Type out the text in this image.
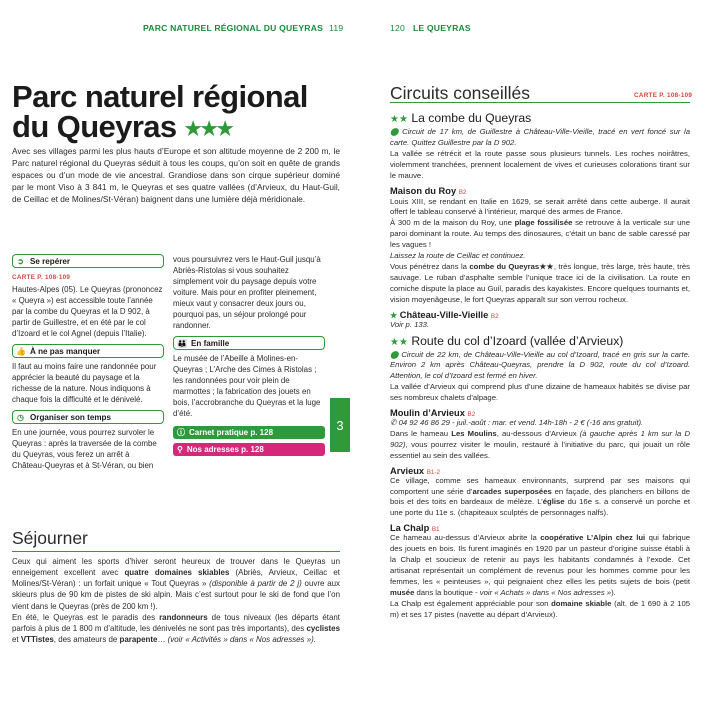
PARC NATUREL RÉGIONAL DU QUEYRAS 119
Parc naturel régional
du Queyras ★★★
Avec ses villages parmi les plus hauts d’Europe et son altitude moyenne de 2 200 m, le Parc naturel régional du Queyras séduit à tous les coups, qu’on soit en quête de grands espaces ou d’un mode de vie ancestral. Grandiose dans son cirque supérieur dominé par le mont Viso à 3 841 m, le Queyras et ses quatre vallées (d’Arvieux, du Haut-Guil, de Ceillac et de Molines/St-Véran) baignent dans une lumière déjà méridionale.
➲ Se repérer
CARTE P. 108-109
Hautes-Alpes (05). Le Queyras (prononcez « Queyra ») est accessible toute l’année par la combe du Queyras et la D 902, à partir de Guillestre, et en été par le col d’Izoard et le col Agnel (depuis l’Italie).
👍 À ne pas manquer
Il faut au moins faire une randonnée pour apprécier la beauté du paysage et la richesse de la nature. Nous indiquons à chaque fois la difficulté et le dénivelé.
◷ Organiser son temps
En une journée, vous pourrez survoler le Queyras : après la traversée de la combe du Queyras, vous ferez un arrêt à Château-Queyras et à St-Véran, ou bien
vous poursuivrez vers le Haut-Guil jusqu’à Abriès-Ristolas si vous souhaitez simplement voir du paysage depuis votre voiture. Mais pour en profiter pleinement, mieux vaut y consacrer deux jours ou, pourquoi pas, un séjour prolongé pour randonner.
👪 En famille
Le musée de l’Abeille à Molines-en-Queyras ; L’Arche des Cimes à Ristolas ; les randonnées pour voir plein de marmottes ; la fabrication des jouets en bois, l’accrobranche du Queyras et la luge d’été.
ⓘ Carnet pratique p. 128
⚲ Nos adresses p. 128
Séjourner
Ceux qui aiment les sports d’hiver seront heureux de trouver dans le Queyras un enneigement excellent avec quatre domaines skiables (Abriès, Arvieux, Ceillac et Molines/St-Véran) : un forfait unique « Tout Queyras » (disponible à partir de 2 j) ouvre aux skieurs plus de 90 km de pistes de ski alpin. Mais c’est surtout pour le ski de fond que l’on vient dans le Queyras (près de 200 km !).
En été, le Queyras est le paradis des randonneurs de tous niveaux (les départs étant parfois à plus de 1 800 m d’altitude, les dénivelés ne sont pas très importants), des cyclistes et VTTistes, des amateurs de parapente… (voir « Activités » dans « Nos adresses »).
3
120 LE QUEYRAS
Circuits conseillés	CARTE P. 108-109
★★ La combe du Queyras
⬤ Circuit de 17 km, de Guillestre à Château-Ville-Vieille, tracé en vert foncé sur la carte. Quittez Guillestre par la D 902.
La vallée se rétrécit et la route passe sous plusieurs tunnels. Les roches noirâtres, violemment tranchées, prennent localement de vives et curieuses colorations tirant sur le mauve.
Maison du Roy B2
Louis XIII, se rendant en Italie en 1629, se serait arrêté dans cette auberge. Il aurait offert le tableau conservé à l’intérieur, marqué des armes de France.
À 300 m de la maison du Roy, une plage fossilisée se retrouve à la verticale sur une paroi dominant la route. Au temps des dinosaures, c’était un banc de sable caressé par les vagues !
Laissez la route de Ceillac et continuez.
Vous pénétrez dans la combe du Queyras★★, très longue, très large, très haute, très sauvage. Le ruban d’asphalte semble l’unique trace ici de la civilisation. La route en corniche dispute la place au Guil, paradis des kayakistes. Encore quelques tournants et, vision moyenâgeuse, le fort Queyras apparaît sur son verrou rocheux.
★ Château-Ville-Vieille B2
Voir p. 133.
★★ Route du col d’Izoard (vallée d’Arvieux)
⬤ Circuit de 22 km, de Château-Ville-Vieille au col d’Izoard, tracé en gris sur la carte. Environ 2 km après Château-Queyras, prendre la D 902, route du col d’Izoard. Attention, le col d’Izoard est fermé en hiver.
La vallée d’Arvieux qui comprend plus d’une dizaine de hameaux habités se divise par ses nombreux chalets d’alpage.
Moulin d’Arvieux B2
✆ 04 92 46 86 29 - juil.-août : mar. et vend. 14h-18h - 2 € (-16 ans gratuit).
Dans le hameau Les Moulins, au-dessous d’Arvieux (à gauche après 1 km sur la D 902), vous pourrez visiter le moulin, restauré à l’initiative du parc, qui jouait un rôle essentiel au sein des vallées.
Arvieux B1-2
Ce village, comme ses hameaux environnants, surprend par ses maisons qui comportent une série d’arcades superposées en façade, des planchers en billons de bois et des toits en bardeaux de mélèze. L’église du 16e s. a conservé un porche et une porte du 11e s. (chapiteaux sculptés de personnages nalfs).
La Chalp B1
Ce hameau au-dessus d’Arvieux abrite la coopérative L’Alpin chez lui qui fabrique des jouets en bois. Ils furent imaginés en 1920 par un pasteur d’origine suisse établi à la Chalp et soucieux de retenir au pays les habitants condamnés à l’exode. Cet artisanat représentait un complément de revenus pour les hommes comme pour les femmes, les « peinteuses », qui peignaient chez elles les petits sujets de bois (petit musée dans la boutique - voir « Achats » dans « Nos adresses »).
La Chalp est également appréciable pour son domaine skiable (alt. de 1 690 à 2 105 m) et ses 17 pistes (navette au départ d’Arvieux).
